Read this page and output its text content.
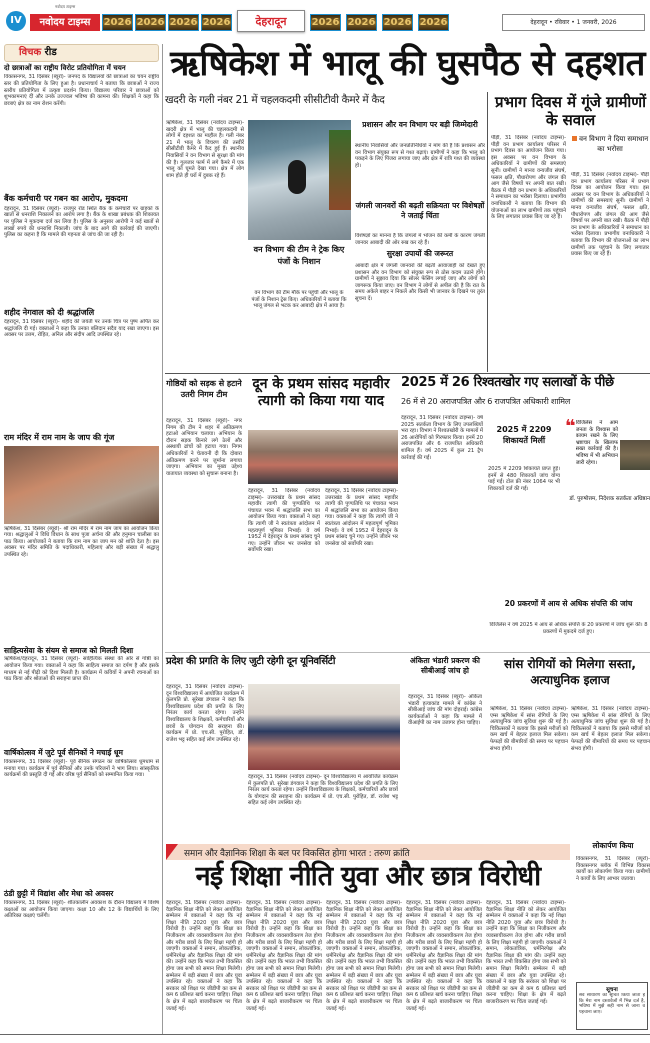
IV
नवोदय टाइम्स
नवोदय टाइम्स	2026 2026 2026 2026	देहरादून	2026 2026 2026 2026	देहरादून • रविवार • 1 जनवरी, 2026
विचक रीड
दो छात्राओं का राष्ट्रीय विरोट प्रतियोगिता में चयन
विकासनगर, 31 दिसंबर (ब्यूरो)- जनपद के विद्यालयों की छात्राओं का चयन राष्ट्रीय स्तर की प्रतियोगिता के लिए हुआ है। प्रधानाचार्य ने बताया कि छात्राओं ने राज्य स्तरीय प्रतियोगिता में उत्कृष्ट प्रदर्शन किया। विद्यालय परिवार ने छात्राओं को शुभकामनाएं दीं और उनके उज्ज्वल भविष्य की कामना की। शिक्षकों ने कहा कि छात्राएं क्षेत्र का नाम रोशन करेंगी।
बैंक कर्मचारी पर गबन का आरोप, मुकदमा
देहरादून, 31 दिसंबर (ब्यूरो)- राजपुर रोड स्थित बैंक के कर्मचारी पर ग्राहकों के खातों से धनराशि निकालने का आरोप लगा है। बैंक के शाखा प्रबंधक की शिकायत पर पुलिस ने मुकदमा दर्ज कर लिया है। पुलिस के अनुसार आरोपी ने कई खातों से लाखों रुपये की धनराशि निकाली। जांच के बाद आगे की कार्रवाई की जाएगी। पुलिस का कहना है कि मामले की गहनता से जांच की जा रही है।
शहीद नेगवाल को दी श्रद्धांजलि
देहरादून, 31 दिसंबर (ब्यूरो)- शहीद की जयंती पर उनके चित्र पर पुष्प अर्पित कर श्रद्धांजलि दी गई। वक्ताओं ने कहा कि उनका बलिदान सदैव याद रखा जाएगा। इस अवसर पर उत्तम, रोहित, अनिल और संदीप आदि उपस्थित रहे।
राम मंदिर में राम नाम के जाप की गूंज
ऋषिकेश, 31 दिसंबर (ब्यूरो)- श्री राम मंदिर में राम नाम जाप का आयोजन किया गया। श्रद्धालुओं ने विधि विधान के साथ पूजा अर्चना की और हनुमान चालीसा का पाठ किया। आयोजकों ने बताया कि राम नाम का जाप मन को शांति देता है। इस अवसर पर मंदिर समिति के पदाधिकारी, महिलाएं और बड़ी संख्या में श्रद्धालु उपस्थित रहे।
साहित्यसेवा के संयम से समाज को मिलती दिशा
ऋषिकेश/देहरादून, 31 दिसंबर (ब्यूरो)- साहित्यिक संस्था की ओर से गोष्ठी का आयोजन किया गया। वक्ताओं ने कहा कि साहित्य समाज का दर्पण है और इसके माध्यम से नई पीढ़ी को दिशा मिलती है। कार्यक्रम में कवियों ने अपनी रचनाओं का पाठ किया और श्रोताओं की सराहना प्राप्त की।
वार्षिकोत्सव में जुटे पूर्व सैनिकों ने मचाई धूम
विकासनगर, 31 दिसंबर (ब्यूरो)- पूर्व सैनिक संगठन का वार्षिकोत्सव धूमधाम से मनाया गया। कार्यक्रम में पूर्व सैनिकों और उनके परिजनों ने भाग लिया। सांस्कृतिक कार्यक्रमों की प्रस्तुति दी गई और वरिष्ठ पूर्व सैनिकों को सम्मानित किया गया।
ठंडी छुट्टी में विद्यांश और मेधा को अवसर
विकासनगर, 31 दिसंबर (ब्यूरो)- शीतकालीन अवकाश के दौरान विद्यालय में विशेष कक्षाओं का आयोजन किया जाएगा। कक्षा 10 और 12 के विद्यार्थियों के लिए अतिरिक्त कक्षाएं चलेंगी।
ऋषिकेश में भालू की घुसपैठ से दहशत
खदरी के गली नंबर 21 में चहलकदमी सीसीटीवी कैमरे में कैद
ऋषिकेश, 31 दिसंबर (नवोदय टाइम्स)- खदरी क्षेत्र में भालू की चहलकदमी से लोगों में दहशत का माहौल है। गली नंबर 21 में भालू के विचरण की तस्वीरें सीसीटीवी कैमरे में कैद हुई हैं। स्थानीय निवासियों ने वन विभाग से सुरक्षा की मांग की है। गुलजार फार्म में लगे कैमरे में एक भालू को घूमते देखा गया। क्षेत्र में लोग शाम होते ही घरों में दुबक रहे हैं।
वन विभाग की टीम ने ट्रेक किए पंजों के निशान
वन विभाग की टीम मौके पर पहुंची और भालू के पंजों के निशान ट्रेस किए। अधिकारियों ने बताया कि भालू जंगल से भटक कर आबादी क्षेत्र में आया है।
प्रशासन और वन विभाग पर बड़ी जिम्मेदारी
स्थानीय निवासियों और जनप्रतिनिधियों ने मांग की है कि प्रशासन और वन विभाग संयुक्त रूप से गश्त बढ़ाएं। ग्रामीणों ने कहा कि भालू को पकड़ने के लिए पिंजरा लगाया जाए और क्षेत्र में रात्रि गश्त की व्यवस्था हो।
जंगली जानवरों की बढ़ती सक्रियता पर विशेषज्ञों ने जताई चिंता
विशेषज्ञों का मानना है कि जंगलों में भोजन की कमी के कारण जंगली जानवर आबादी की ओर रुख कर रहे हैं।
सुरक्षा उपायों की जरूरत
आबादी क्षेत्र में जंगली जानवरों की बढ़ती आवाजाही को देखते हुए प्रशासन और वन विभाग को संयुक्त रूप से ठोस कदम उठाने होंगे। ग्रामीणों ने सुझाव दिया कि सोलर फेंसिंग लगाई जाए और लोगों को जागरूक किया जाए। वन विभाग ने लोगों से अपील की है कि रात के समय अकेले बाहर न निकलें और किसी भी जानवर के दिखने पर तुरंत सूचना दें।
प्रभाग दिवस में गूंजे ग्रामीणों के सवाल
पौड़ी, 31 दिसंबर (नवोदय टाइम्स)- पौड़ी वन प्रभाग कार्यालय परिसर में प्रभाग दिवस का आयोजन किया गया। इस अवसर पर वन विभाग के अधिकारियों ने ग्रामीणों की समस्याएं सुनीं। ग्रामीणों ने मानव वन्यजीव संघर्ष, फसल क्षति, पौधारोपण और जंगल की आग जैसे विषयों पर अपनी बात रखी। बैठक में पौड़ी वन प्रभाग के अधिकारियों ने समाधान का भरोसा दिलाया। प्रभागीय वनाधिकारी ने बताया कि विभाग की योजनाओं का लाभ ग्रामीणों तक पहुंचाने के लिए लगातार प्रयास किए जा रहे हैं।
वन विभाग ने दिया समाधान का भरोसा
पौड़ी, 31 दिसंबर (नवोदय टाइम्स)- पौड़ी वन प्रभाग कार्यालय परिसर में प्रभाग दिवस का आयोजन किया गया। इस अवसर पर वन विभाग के अधिकारियों ने ग्रामीणों की समस्याएं सुनीं। ग्रामीणों ने मानव वन्यजीव संघर्ष, फसल क्षति, पौधारोपण और जंगल की आग जैसे विषयों पर अपनी बात रखी। बैठक में पौड़ी वन प्रभाग के अधिकारियों ने समाधान का भरोसा दिलाया। प्रभागीय वनाधिकारी ने बताया कि विभाग की योजनाओं का लाभ ग्रामीणों तक पहुंचाने के लिए लगातार प्रयास किए जा रहे हैं।
गोष्ठियों को सड़क से हटाने उतरी निगम टीम
देहरादून, 31 दिसंबर (ब्यूरो)- नगर निगम की टीम ने शहर में अतिक्रमण हटाओ अभियान चलाया। अभियान के दौरान सड़क किनारे लगे ठेलों और अस्थायी ढांचों को हटाया गया। निगम अधिकारियों ने चेतावनी दी कि दोबारा अतिक्रमण करने पर जुर्माना लगाया जाएगा। अभियान का मुख्य उद्देश्य यातायात व्यवस्था को सुचारू बनाना है।
दून के प्रथम सांसद महावीर त्यागी को किया गया याद
देहरादून, 31 दिसंबर (नवोदय टाइम्स)- उत्तराखंड के प्रथम सांसद महावीर त्यागी की पुण्यतिथि पर पंचायत भवन में श्रद्धांजलि सभा का आयोजन किया गया। वक्ताओं ने कहा कि त्यागी जी ने स्वतंत्रता आंदोलन में महत्वपूर्ण भूमिका निभाई। वे वर्ष 1952 में देहरादून के प्रथम सांसद चुने गए। उन्होंने जीवन भर जनसेवा को सर्वोपरि रखा।
देहरादून, 31 दिसंबर (नवोदय टाइम्स)- उत्तराखंड के प्रथम सांसद महावीर त्यागी की पुण्यतिथि पर पंचायत भवन में श्रद्धांजलि सभा का आयोजन किया गया। वक्ताओं ने कहा कि त्यागी जी ने स्वतंत्रता आंदोलन में महत्वपूर्ण भूमिका निभाई। वे वर्ष 1952 में देहरादून के प्रथम सांसद चुने गए। उन्होंने जीवन भर जनसेवा को सर्वोपरि रखा।
2025 में 26 रिश्वतखोर गए सलाखों के पीछे
26 में से 20 अराजपत्रित और 6 राजपत्रित अधिकारी शामिल
देहरादून, 31 दिसंबर (नवोदय टाइम्स)- वर्ष 2025 सतर्कता विभाग के लिए उपलब्धियों भरा रहा। विभाग ने रिश्वतखोरी के मामलों में 26 आरोपियों को गिरफ्तार किया। इनमें 20 अराजपत्रित और 6 राजपत्रित अधिकारी शामिल हैं। वर्ष 2025 में कुल 21 ट्रैप कार्रवाई की गईं।
2025 में 2209 शिकायतें मिलीं
2025 में 2209 शिकायतें प्राप्त हुईं। इनमें से 480 शिकायतें जांच योग्य पाई गईं। टोल फ्री नंबर 1064 पर भी शिकायतें दर्ज की गईं।
❝ विजिलेंस ने आम जनता के विश्वास को कायम रखने के लिए भ्रष्टाचार के खिलाफ सख्त कार्रवाई की है। भविष्य में भी अभियान जारी रहेगा।
डॉ. पुरुषोत्तम, निदेशक सतर्कता अधिष्ठान
20 प्रकरणों में आय से अधिक संपत्ति की जांच
विजिलेंस ने वर्ष 2025 में आय से अधिक संपत्ति के 20 प्रकरणों में जांच शुरू की। 8 प्रकरणों में मुकदमे दर्ज हुए।
प्रदेश की प्रगति के लिए जुटी रहेगी दून यूनिवर्सिटी
देहरादून, 31 दिसंबर (नवोदय टाइम्स)- दून विश्वविद्यालय में आयोजित कार्यक्रम में कुलपति प्रो. सुरेखा डंगवाल ने कहा कि विश्वविद्यालय प्रदेश की प्रगति के लिए निरंतर कार्य करता रहेगा। उन्होंने विश्वविद्यालय के शिक्षकों, कर्मचारियों और छात्रों के योगदान की सराहना की। कार्यक्रम में प्रो. एच.सी. पुरोहित, डॉ. राजेश भट्ट सहित कई लोग उपस्थित रहे।
देहरादून, 31 दिसंबर (नवोदय टाइम्स)- दून विश्वविद्यालय में आयोजित कार्यक्रम में कुलपति प्रो. सुरेखा डंगवाल ने कहा कि विश्वविद्यालय प्रदेश की प्रगति के लिए निरंतर कार्य करता रहेगा। उन्होंने विश्वविद्यालय के शिक्षकों, कर्मचारियों और छात्रों के योगदान की सराहना की। कार्यक्रम में प्रो. एच.सी. पुरोहित, डॉ. राजेश भट्ट सहित कई लोग उपस्थित रहे।
अंकिता भंडारी प्रकरण की सीबीआई जांच हो
देहरादून, 31 दिसंबर (ब्यूरो)- अंकिता भंडारी हत्याकांड मामले में कांग्रेस ने सीबीआई जांच की मांग दोहराई। कांग्रेस कार्यकर्ताओं ने कहा कि मामले में वीआईपी का नाम उजागर होना चाहिए।
सांस रोगियों को मिलेगा सस्ता, अत्याधुनिक इलाज
ऋषिकेश, 31 दिसंबर (नवोदय टाइम्स)- एम्स ऋषिकेश में सांस रोगियों के लिए अत्याधुनिक जांच सुविधा शुरू की गई है। चिकित्सकों ने बताया कि इससे मरीजों को कम खर्च में बेहतर इलाज मिल सकेगा। फेफड़ों की बीमारियों की समय पर पहचान संभव होगी।
ऋषिकेश, 31 दिसंबर (नवोदय टाइम्स)- एम्स ऋषिकेश में सांस रोगियों के लिए अत्याधुनिक जांच सुविधा शुरू की गई है। चिकित्सकों ने बताया कि इससे मरीजों को कम खर्च में बेहतर इलाज मिल सकेगा। फेफड़ों की बीमारियों की समय पर पहचान संभव होगी।
लोकार्पण किया
विकासनगर, 31 दिसंबर (ब्यूरो)- विकासनगर ब्लॉक में विभिन्न विकास कार्यों का लोकार्पण किया गया। ग्रामीणों ने कार्यों के लिए आभार जताया।
सूचना
सर्व साधारण को सूचित किया जाता है कि मेरा नाम दस्तावेजों में भिन्न दर्ज है, भविष्य में मुझे सही नाम से जाना व पहचाना जाए।
समान और वैज्ञानिक शिक्षा के बल पर विकसित होगा भारत : तरुण क्रांति
नई शिक्षा नीति युवा और छात्र विरोधी
देहरादून, 31 दिसंबर (नवोदय टाइम्स)- वैज्ञानिक शिक्षा नीति को लेकर आयोजित सम्मेलन में वक्ताओं ने कहा कि नई शिक्षा नीति 2020 युवा और छात्र विरोधी है। उन्होंने कहा कि शिक्षा का निजीकरण और व्यवसायीकरण तेज होगा और गरीब छात्रों के लिए शिक्षा महंगी हो जाएगी। वक्ताओं ने समान, लोकतांत्रिक, धर्मनिरपेक्ष और वैज्ञानिक शिक्षा की मांग की। उन्होंने कहा कि भारत तभी विकसित होगा जब सभी को समान शिक्षा मिलेगी। सम्मेलन में बड़ी संख्या में छात्र और युवा उपस्थित रहे। वक्ताओं ने कहा कि सरकार को शिक्षा पर जीडीपी का कम से कम 6 प्रतिशत खर्च करना चाहिए। शिक्षा के क्षेत्र में बढ़ते बाजारीकरण पर चिंता जताई गई।
देहरादून, 31 दिसंबर (नवोदय टाइम्स)- वैज्ञानिक शिक्षा नीति को लेकर आयोजित सम्मेलन में वक्ताओं ने कहा कि नई शिक्षा नीति 2020 युवा और छात्र विरोधी है। उन्होंने कहा कि शिक्षा का निजीकरण और व्यवसायीकरण तेज होगा और गरीब छात्रों के लिए शिक्षा महंगी हो जाएगी। वक्ताओं ने समान, लोकतांत्रिक, धर्मनिरपेक्ष और वैज्ञानिक शिक्षा की मांग की। उन्होंने कहा कि भारत तभी विकसित होगा जब सभी को समान शिक्षा मिलेगी। सम्मेलन में बड़ी संख्या में छात्र और युवा उपस्थित रहे। वक्ताओं ने कहा कि सरकार को शिक्षा पर जीडीपी का कम से कम 6 प्रतिशत खर्च करना चाहिए। शिक्षा के क्षेत्र में बढ़ते बाजारीकरण पर चिंता जताई गई।
देहरादून, 31 दिसंबर (नवोदय टाइम्स)- वैज्ञानिक शिक्षा नीति को लेकर आयोजित सम्मेलन में वक्ताओं ने कहा कि नई शिक्षा नीति 2020 युवा और छात्र विरोधी है। उन्होंने कहा कि शिक्षा का निजीकरण और व्यवसायीकरण तेज होगा और गरीब छात्रों के लिए शिक्षा महंगी हो जाएगी। वक्ताओं ने समान, लोकतांत्रिक, धर्मनिरपेक्ष और वैज्ञानिक शिक्षा की मांग की। उन्होंने कहा कि भारत तभी विकसित होगा जब सभी को समान शिक्षा मिलेगी। सम्मेलन में बड़ी संख्या में छात्र और युवा उपस्थित रहे। वक्ताओं ने कहा कि सरकार को शिक्षा पर जीडीपी का कम से कम 6 प्रतिशत खर्च करना चाहिए। शिक्षा के क्षेत्र में बढ़ते बाजारीकरण पर चिंता जताई गई।
देहरादून, 31 दिसंबर (नवोदय टाइम्स)- वैज्ञानिक शिक्षा नीति को लेकर आयोजित सम्मेलन में वक्ताओं ने कहा कि नई शिक्षा नीति 2020 युवा और छात्र विरोधी है। उन्होंने कहा कि शिक्षा का निजीकरण और व्यवसायीकरण तेज होगा और गरीब छात्रों के लिए शिक्षा महंगी हो जाएगी। वक्ताओं ने समान, लोकतांत्रिक, धर्मनिरपेक्ष और वैज्ञानिक शिक्षा की मांग की। उन्होंने कहा कि भारत तभी विकसित होगा जब सभी को समान शिक्षा मिलेगी। सम्मेलन में बड़ी संख्या में छात्र और युवा उपस्थित रहे। वक्ताओं ने कहा कि सरकार को शिक्षा पर जीडीपी का कम से कम 6 प्रतिशत खर्च करना चाहिए। शिक्षा के क्षेत्र में बढ़ते बाजारीकरण पर चिंता जताई गई।
देहरादून, 31 दिसंबर (नवोदय टाइम्स)- वैज्ञानिक शिक्षा नीति को लेकर आयोजित सम्मेलन में वक्ताओं ने कहा कि नई शिक्षा नीति 2020 युवा और छात्र विरोधी है। उन्होंने कहा कि शिक्षा का निजीकरण और व्यवसायीकरण तेज होगा और गरीब छात्रों के लिए शिक्षा महंगी हो जाएगी। वक्ताओं ने समान, लोकतांत्रिक, धर्मनिरपेक्ष और वैज्ञानिक शिक्षा की मांग की। उन्होंने कहा कि भारत तभी विकसित होगा जब सभी को समान शिक्षा मिलेगी। सम्मेलन में बड़ी संख्या में छात्र और युवा उपस्थित रहे। वक्ताओं ने कहा कि सरकार को शिक्षा पर जीडीपी का कम से कम 6 प्रतिशत खर्च करना चाहिए। शिक्षा के क्षेत्र में बढ़ते बाजारीकरण पर चिंता जताई गई।
